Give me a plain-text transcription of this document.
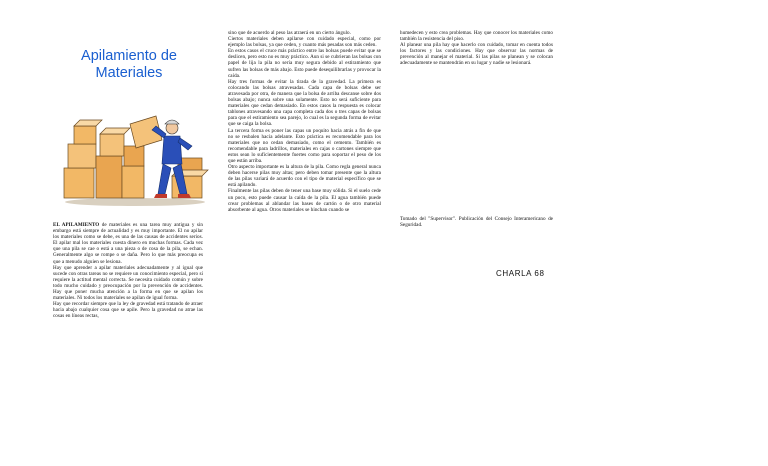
Apilamiento de
Materiales

EL APILAMIENTO de materiales es una tarea muy antigua y sin embargo está siempre de actualidad y es muy importante. El no apilar los materiales como se debe, es una de las causas de accidentes serios. El apilar mal los materiales cuesta dinero en muchas formas. Cada vez que una pila se cae o está a una pieza o de cosa de la pila, se echan. Generalmente algo se rompe o se daña. Pero lo que más preocupa es que a menudo alguien se lesiona.

Hay que aprender a apilar materiales adecuadamente y al igual que sucede con otras tareas no se requiere un conocimiento especial, pero sí requiere la actitud mental correcta. Se necesita cuidado común y sobre todo mucho cuidado y preocupación por la prevención de accidentes. Hay que poner mucha atención a la forma en que se apilan los materiales. Ni todos los materiales se apilan de igual forma.

Hay que recordar siempre que la ley de gravedad está tratando de atraer hacia abajo cualquier cosa que se apile. Pero la gravedad no atrae las cosas en líneas rectas,

sino que de acuerdo al peso las atraerá en un cierto ángulo.

Ciertos materiales deben apilarse con cuidado especial, como por ejemplo las bolsas, ya que ceden, y cuanto más pesadas son más ceden.

En estos casos el cruce más práctico entre las bolsas puede evitar que se deslicen, pero esto no es muy práctico. Aun si se cubrieran las bolsas con papel de lija la pila no sería muy segura debido al estiramiento que sufren las bolsas de más abajo. Esto puede desequilibrarlas y provocar la caída.

Hay tres formas de evitar la tirada de la gravedad. La primera es colocando las bolsas atravesadas. Cada capa de bolsas debe ser atravesada por otra, de manera que la bolsa de arriba descanse sobre dos bolsas abajo; nunca sobre una solamente. Esto no será suficiente para materiales que cedan demasiado. En estos casos la respuesta es colocar tablones atravesando una capa completa cada dos o tres capas de bolsas para que el estiramiento sea parejo, lo cual es la segunda forma de evitar que se caiga la bolsa.

La tercera forma es poner las capas un poquito hacia atrás a fin de que no se resbalen hacia adelante. Esto práctica es recomendable para los materiales que no cedan demasiado, como el cemento. También es recomendable para ladrillos, materiales en cajas o cartones siempre que estos sean lo suficientemente fuertes como para soportar el peso de los que están arriba.

Otro aspecto importante es la altura de la pila. Como regla general nunca deben hacerse pilas muy altas; pero deben tomar presente que la altura de las pilas variará de acuerdo con el tipo de material específico que se está apilando.

Finalmente las pilas deben de tener una base muy sólida. Si el suelo cede un poco, esto puede causar la caída de la pila. El agua también puede crear problemas al ablandar las bases de cartón o de otro material absorbente al agua. Otros materiales se hinchan cuando se

humedecen y esto crea problemas. Hay que conocer los materiales como también la resistencia del piso.

Al planear una pila hay que hacerlo con cuidado, tomar en cuenta todos los factores y las condiciones. Hay que observar las normas de prevención al manejar el material. Si las pilas se planean y se colocan adecuadamente se mantendrán en su lugar y nadie se lesionará.

Tomado del "Supervisor". Publicación del Consejo Interamericano de Seguridad.
CHARLA 68
